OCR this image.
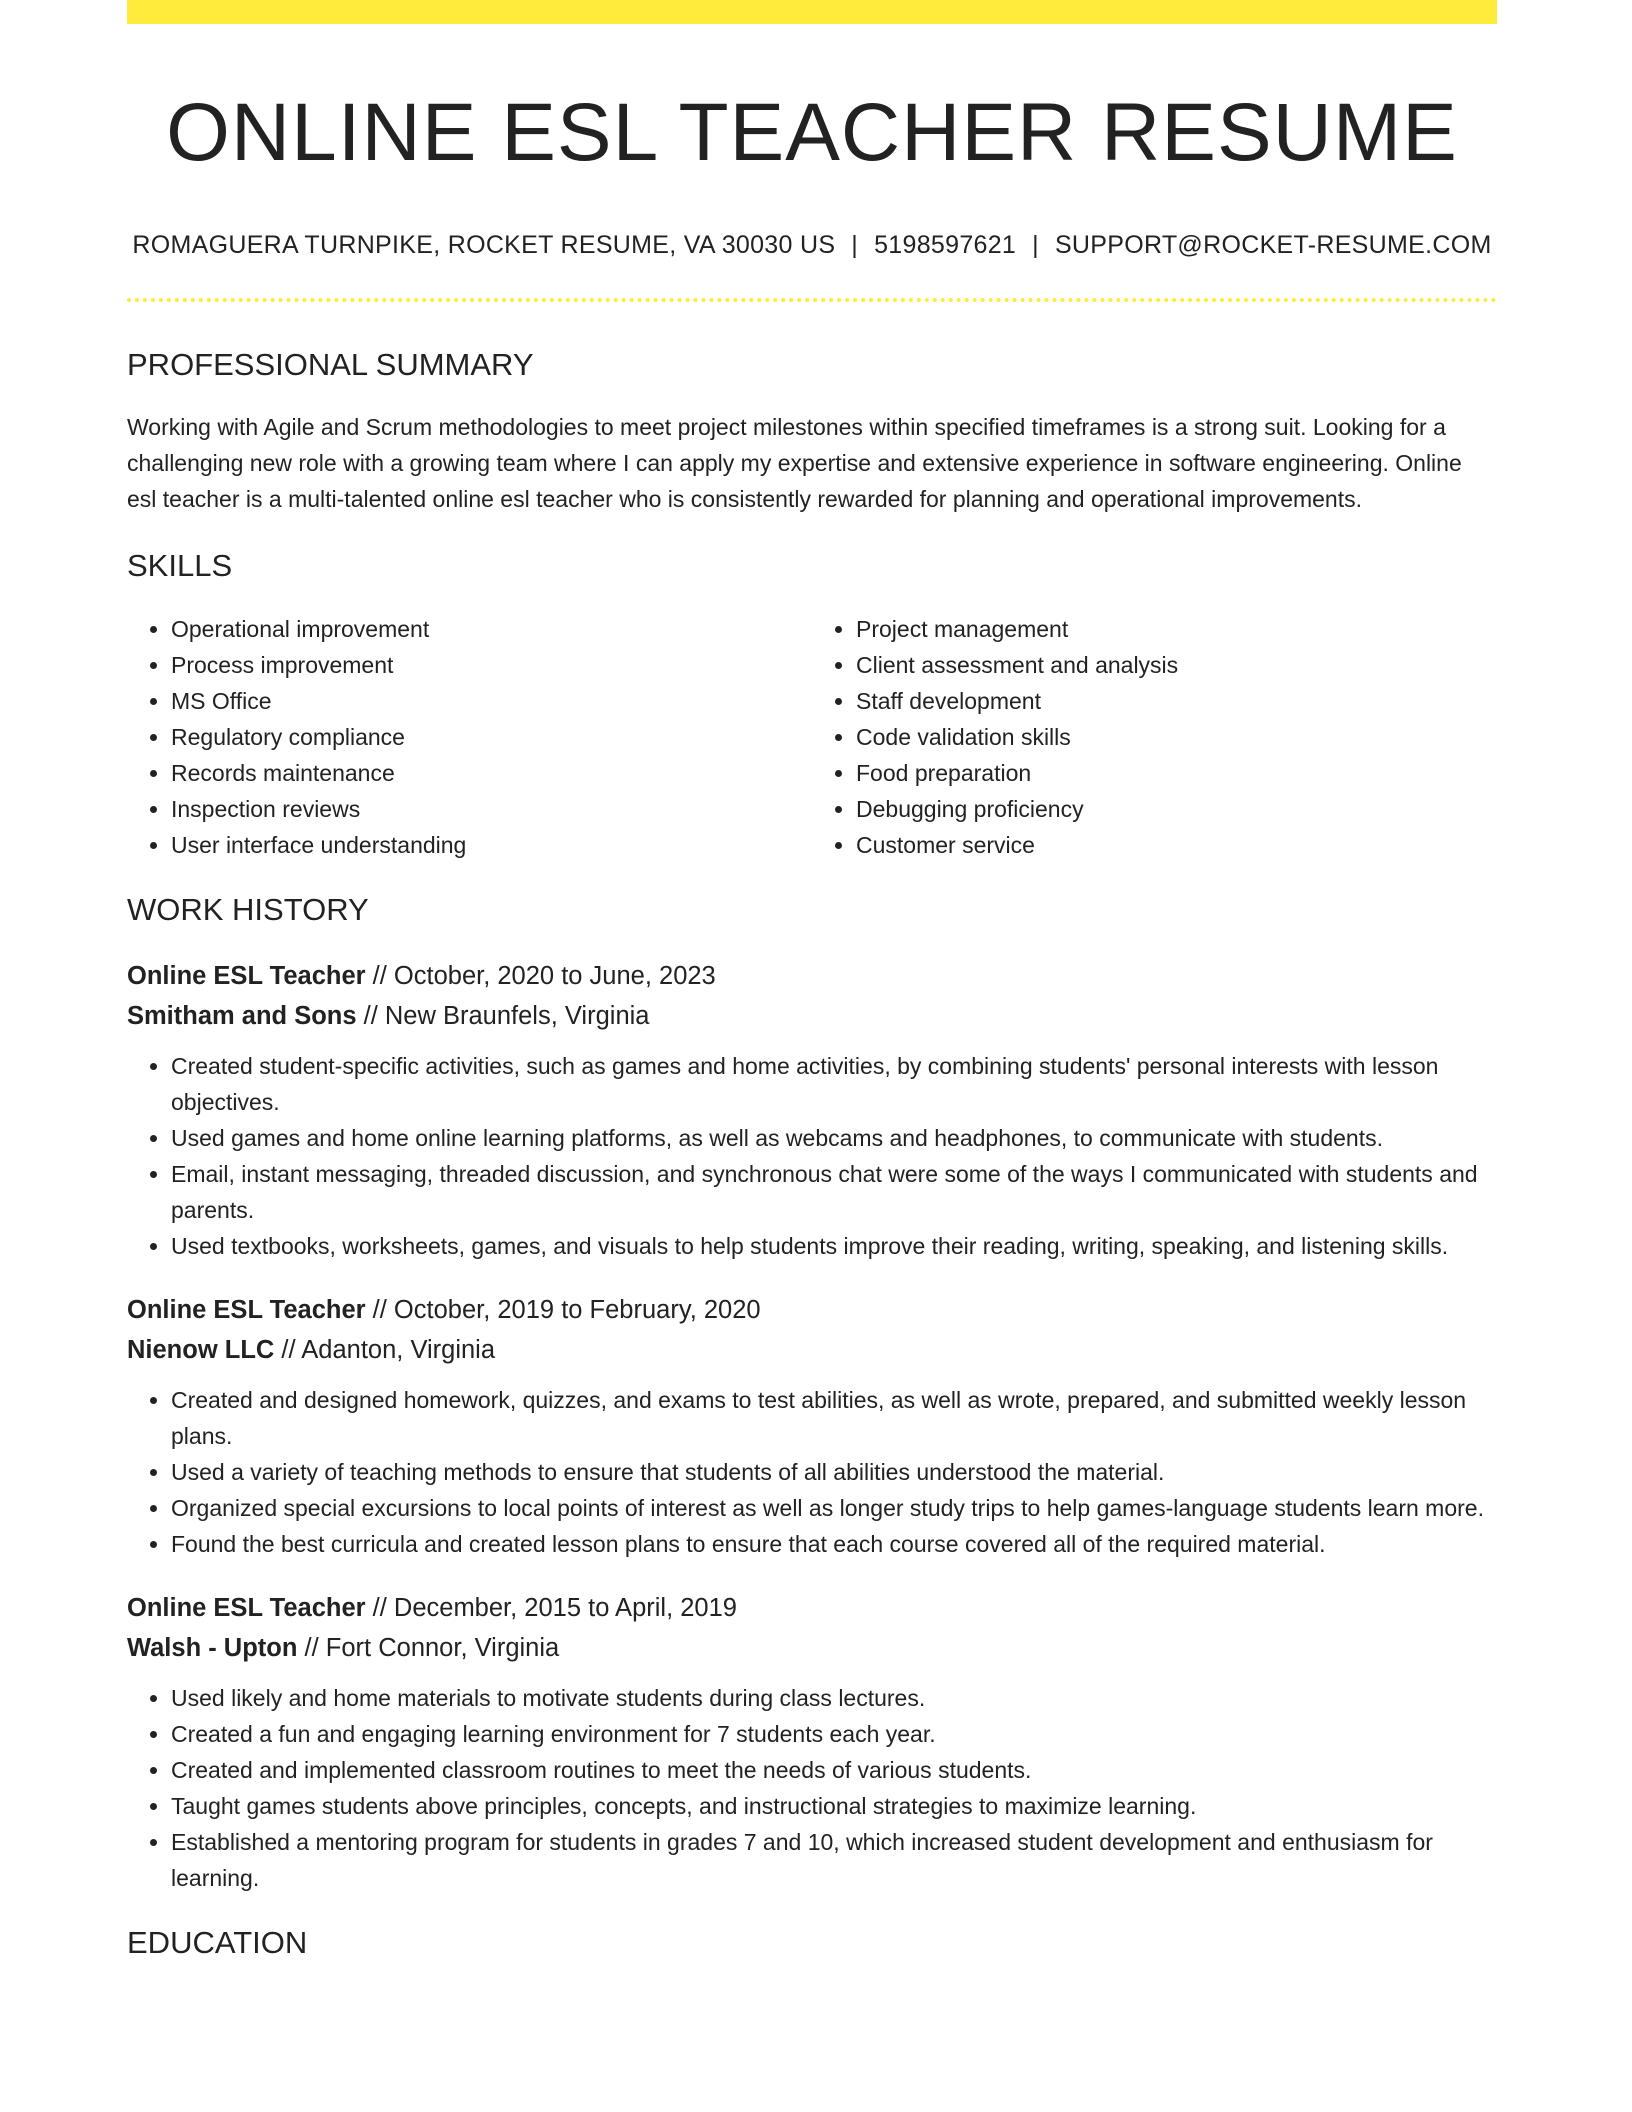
ONLINE ESL TEACHER RESUME
ROMAGUERA TURNPIKE, ROCKET RESUME, VA 30030 US | 5198597621 | SUPPORT@ROCKET-RESUME.COM
PROFESSIONAL SUMMARY

Working with Agile and Scrum methodologies to meet project milestones within specified timeframes is a strong suit. Looking for a challenging new role with a growing team where I can apply my expertise and extensive experience in software engineering. Online esl teacher is a multi-talented online esl teacher who is consistently rewarded for planning and operational improvements.

SKILLS
• Operational improvement
• Process improvement
• MS Office
• Regulatory compliance
• Records maintenance
• Inspection reviews
• User interface understanding
• Project management
• Client assessment and analysis
• Staff development
• Code validation skills
• Food preparation
• Debugging proficiency
• Customer service
WORK HISTORY
Online ESL Teacher // October, 2020 to June, 2023
Smitham and Sons // New Braunfels, Virginia
• Created student-specific activities, such as games and home activities, by combining students' personal interests with lesson objectives.
• Used games and home online learning platforms, as well as webcams and headphones, to communicate with students.
• Email, instant messaging, threaded discussion, and synchronous chat were some of the ways I communicated with students and parents.
• Used textbooks, worksheets, games, and visuals to help students improve their reading, writing, speaking, and listening skills.
Online ESL Teacher // October, 2019 to February, 2020
Nienow LLC // Adanton, Virginia
• Created and designed homework, quizzes, and exams to test abilities, as well as wrote, prepared, and submitted weekly lesson plans.
• Used a variety of teaching methods to ensure that students of all abilities understood the material.
• Organized special excursions to local points of interest as well as longer study trips to help games-language students learn more.
• Found the best curricula and created lesson plans to ensure that each course covered all of the required material.
Online ESL Teacher // December, 2015 to April, 2019
Walsh - Upton // Fort Connor, Virginia
• Used likely and home materials to motivate students during class lectures.
• Created a fun and engaging learning environment for 7 students each year.
• Created and implemented classroom routines to meet the needs of various students.
• Taught games students above principles, concepts, and instructional strategies to maximize learning.
• Established a mentoring program for students in grades 7 and 10, which increased student development and enthusiasm for learning.
EDUCATION
